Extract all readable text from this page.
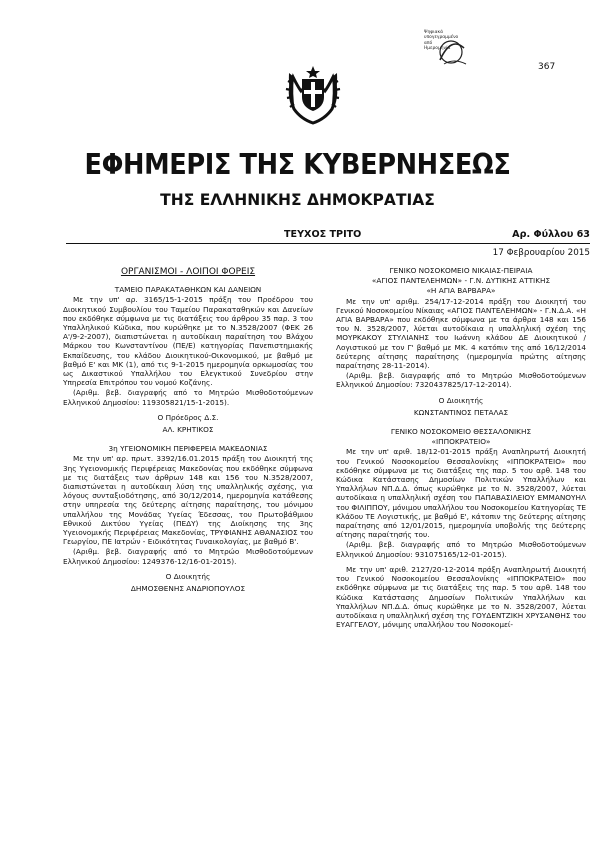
Ψηφιακά
υπογεγραμμένο
από
Ημερομηνία
367
ΕΦΗΜΕΡΙΣ ΤΗΣ ΚΥΒΕΡΝΗΣΕΩΣ
ΤΗΣ ΕΛΛΗΝΙΚΗΣ ΔΗΜΟΚΡΑΤΙΑΣ
ΤΕΥΧΟΣ ΤΡΙΤΟ	Αρ. Φύλλου 63
17 Φεβρουαρίου 2015
ΟΡΓΑΝΙΣΜΟΙ - ΛΟΙΠΟΙ ΦΟΡΕΙΣ

ΤΑΜΕΙΟ ΠΑΡΑΚΑΤΑΘΗΚΩΝ ΚΑΙ ΔΑΝΕΙΩΝ

Με την υπ' αρ. 3165/15-1-2015 πράξη του Προέδρου του Διοικητικού Συμβουλίου του Ταμείου Παρακαταθηκών και Δανείων που εκδόθηκε σύμφωνα με τις διατάξεις του άρθρου 35 παρ. 3 του Υπαλληλικού Κώδικα, που κυρώθηκε με το Ν.3528/2007 (ΦΕΚ 26 Α'/9-2-2007), διαπιστώνεται η αυτοδίκαιη παραίτηση του Βλάχου Μάρκου του Κωνσταντίνου (ΠΕ/Ε) κατηγορίας Πανεπιστημιακής Εκπαίδευσης, του κλάδου Διοικητικού-Οικονομικού, με βαθμό με βαθμό Ε' και ΜΚ (1), από τις 9-1-2015 ημερομηνία ορκωμοσίας του ως Δικαστικού Υπαλλήλου του Ελεγκτικού Συνεδρίου στην Υπηρεσία Επιτρόπου του νομού Κοζάνης.

(Αριθμ. βεβ. διαγραφής από το Μητρώο Μισθοδοτούμενων Ελληνικού Δημοσίου: 119305821/15-1-2015).

Ο Πρόεδρος Δ.Σ.

ΑΛ. ΚΡΗΤΙΚΟΣ

3η ΥΓΕΙΟΝΟΜΙΚΗ ΠΕΡΙΦΕΡΕΙΑ ΜΑΚΕΔΟΝΙΑΣ

Με την υπ' αρ. πρωτ. 3392/16.01.2015 πράξη του Διοικητή της 3ης Υγειονομικής Περιφέρειας Μακεδονίας που εκδόθηκε σύμφωνα με τις διατάξεις των άρθρων 148 και 156 του Ν.3528/2007, διαπιστώνεται η αυτοδίκαιη λύση της υπαλληλικής σχέσης, για λόγους συνταξιοδότησης, από 30/12/2014, ημερομηνία κατάθεσης στην υπηρεσία της δεύτερης αίτησης παραίτησης, του μόνιμου υπαλλήλου της Μονάδας Υγείας Έδεσσας, του Πρωτοβάθμιου Εθνικού Δικτύου Υγείας (ΠΕΔΥ) της Διοίκησης της 3ης Υγειονομικής Περιφέρειας Μακεδονίας, ΤΡΥΦΙΑΝΗΣ ΑΘΑΝΑΣΙΟΣ του Γεωργίου, ΠΕ Ιατρών - Ειδικότητας Γυναικολογίας, με βαθμό Β'.

(Αριθμ. βεβ. διαγραφής από το Μητρώο Μισθοδοτούμενων Ελληνικού Δημοσίου: 1249376-12/16-01-2015).

Ο Διοικητής

ΔΗΜΟΣΘΕΝΗΣ ΑΝΔΡΙΟΠΟΥΛΟΣ

ΓΕΝΙΚΟ ΝΟΣΟΚΟΜΕΙΟ ΝΙΚΑΙΑΣ-ΠΕΙΡΑΙΑ

«ΑΓΙΟΣ ΠΑΝΤΕΛΕΗΜΩΝ» - Γ.Ν. ΔΥΤΙΚΗΣ ΑΤΤΙΚΗΣ

«Η ΑΓΙΑ ΒΑΡΒΑΡΑ»

Με την υπ' αριθμ. 254/17-12-2014 πράξη του Διοικητή του Γενικού Νοσοκομείου Νίκαιας «ΑΓΙΟΣ ΠΑΝΤΕΛΕΗΜΩΝ» - Γ.Ν.Δ.Α. «Η ΑΓΙΑ ΒΑΡΒΑΡΑ» που εκδόθηκε σύμφωνα με τα άρθρα 148 και 156 του Ν. 3528/2007, λύεται αυτοδίκαια η υπαλληλική σχέση της ΜΟΥΡΚΑΚΟΥ ΣΤΥΛΙΑΝΗΣ του Ιωάννη κλάδου ΔΕ Διοικητικού / Λογιστικού με τον Γ' βαθμό με ΜΚ. 4 κατόπιν της από 16/12/2014 δεύτερης αίτησης παραίτησης (ημερομηνία πρώτης αίτησης παραίτησης 28-11-2014).

(Αριθμ. βεβ. διαγραφής από το Μητρώο Μισθοδοτούμενων Ελληνικού Δημοσίου: 7320437825/17-12-2014).

Ο Διοικητής

ΚΩΝΣΤΑΝΤΙΝΟΣ ΠΕΤΑΛΑΣ

ΓΕΝΙΚΟ ΝΟΣΟΚΟΜΕΙΟ ΘΕΣΣΑΛΟΝΙΚΗΣ

«ΙΠΠΟΚΡΑΤΕΙΟ»

Με την υπ' αριθ. 18/12-01-2015 πράξη Αναπληρωτή Διοικητή του Γενικού Νοσοκομείου Θεσσαλονίκης «ΙΠΠΟΚΡΑΤΕΙΟ» που εκδόθηκε σύμφωνα με τις διατάξεις της παρ. 5 του αρθ. 148 του Κώδικα Κατάστασης Δημοσίων Πολιτικών Υπαλλήλων και Υπαλλήλων ΝΠ.Δ.Δ. όπως κυρώθηκε με το Ν. 3528/2007, λύεται αυτοδίκαια η υπαλληλική σχέση του ΠΑΠΑΒΑΣΙΛΕΙΟΥ ΕΜΜΑΝΟΥΗΛ του ΦΙΛΙΠΠΟΥ, μόνιμου υπαλλήλου του Νοσοκομείου Κατηγορίας ΤΕ Κλάδου ΤΕ Λογιστικής, με βαθμό Ε', κάτοπιν της δεύτερης αίτησης παραίτησης από 12/01/2015, ημερομηνία υποβολής της δεύτερης αίτησης παραίτησής του.

(Αριθμ. βεβ. διαγραφής από το Μητρώο Μισθοδοτούμενων Ελληνικού Δημοσίου: 931075165/12-01-2015).

Με την υπ' αριθ. 2127/20-12-2014 πράξη Αναπληρωτή Διοικητή του Γενικού Νοσοκομείου Θεσσαλονίκης «ΙΠΠΟΚΡΑΤΕΙΟ» που εκδόθηκε σύμφωνα με τις διατάξεις της παρ. 5 του αρθ. 148 του Κώδικα Κατάστασης Δημοσίων Πολιτικών Υπαλλήλων και Υπαλλήλων ΝΠ.Δ.Δ. όπως κυρώθηκε με το Ν. 3528/2007, λύεται αυτοδίκαια η υπαλληλική σχέση της ΓΟΥΔΕΝΤΖΙΚΗ ΧΡΥΣΑΝΘΗΣ του ΕΥΑΓΓΕΛΟΥ, μόνιμης υπαλλήλου του Νοσοκομεί-
